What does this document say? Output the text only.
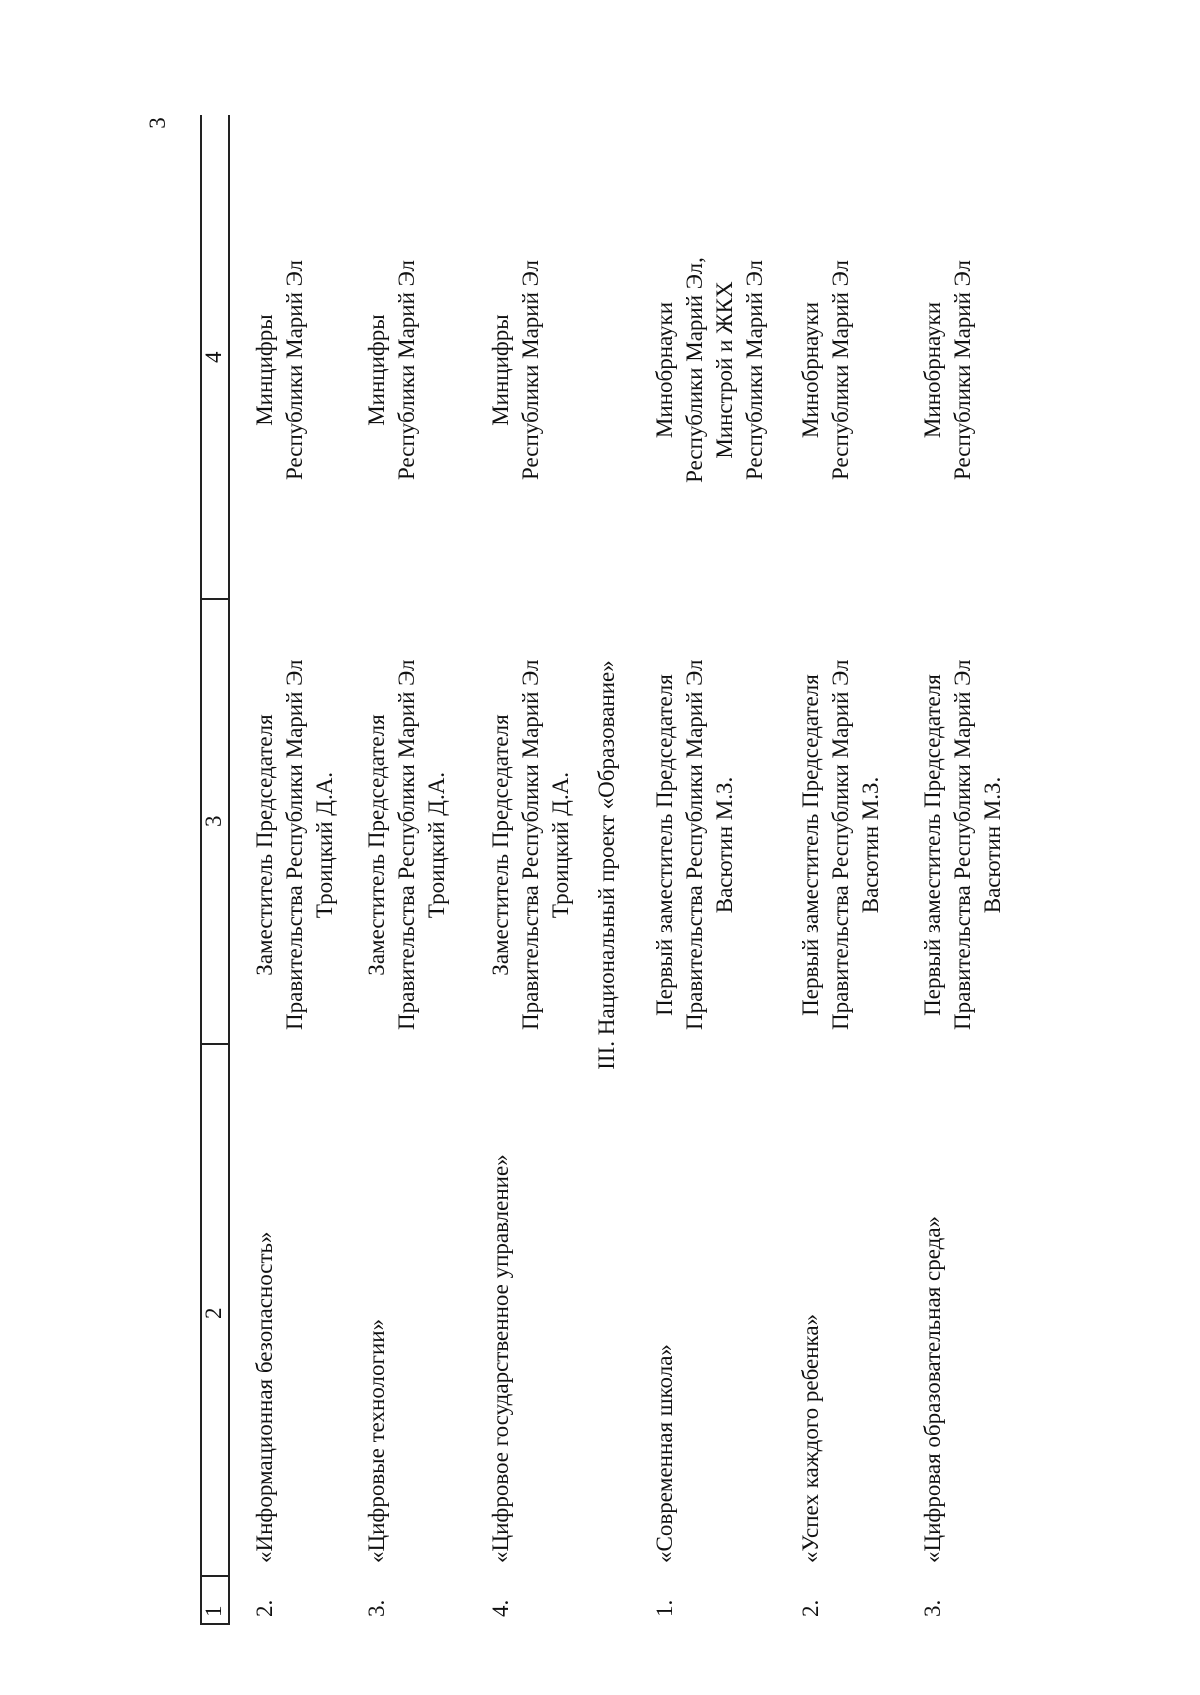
3
1
2
3
4
2.
«Информационная безопасность»
Заместитель Председателя Правительства Республики Марий Эл Троицкий Д.А.
Минцифры Республики Марий Эл
3.
«Цифровые технологии»
Заместитель Председателя Правительства Республики Марий Эл Троицкий Д.А.
Минцифры Республики Марий Эл
4.
«Цифровое государственное управление»
Заместитель Председателя Правительства Республики Марий Эл Троицкий Д.А.
Минцифры Республики Марий Эл
III. Национальный проект «Образование»
1.
«Современная школа»
Первый заместитель Председателя Правительства Республики Марий Эл Васютин М.З.
Минобрнауки Республики Марий Эл, Минстрой и ЖКХ Республики Марий Эл
2.
«Успех каждого ребенка»
Первый заместитель Председателя Правительства Республики Марий Эл Васютин М.З.
Минобрнауки Республики Марий Эл
3.
«Цифровая образовательная среда»
Первый заместитель Председателя Правительства Республики Марий Эл Васютин М.З.
Минобрнауки Республики Марий Эл
